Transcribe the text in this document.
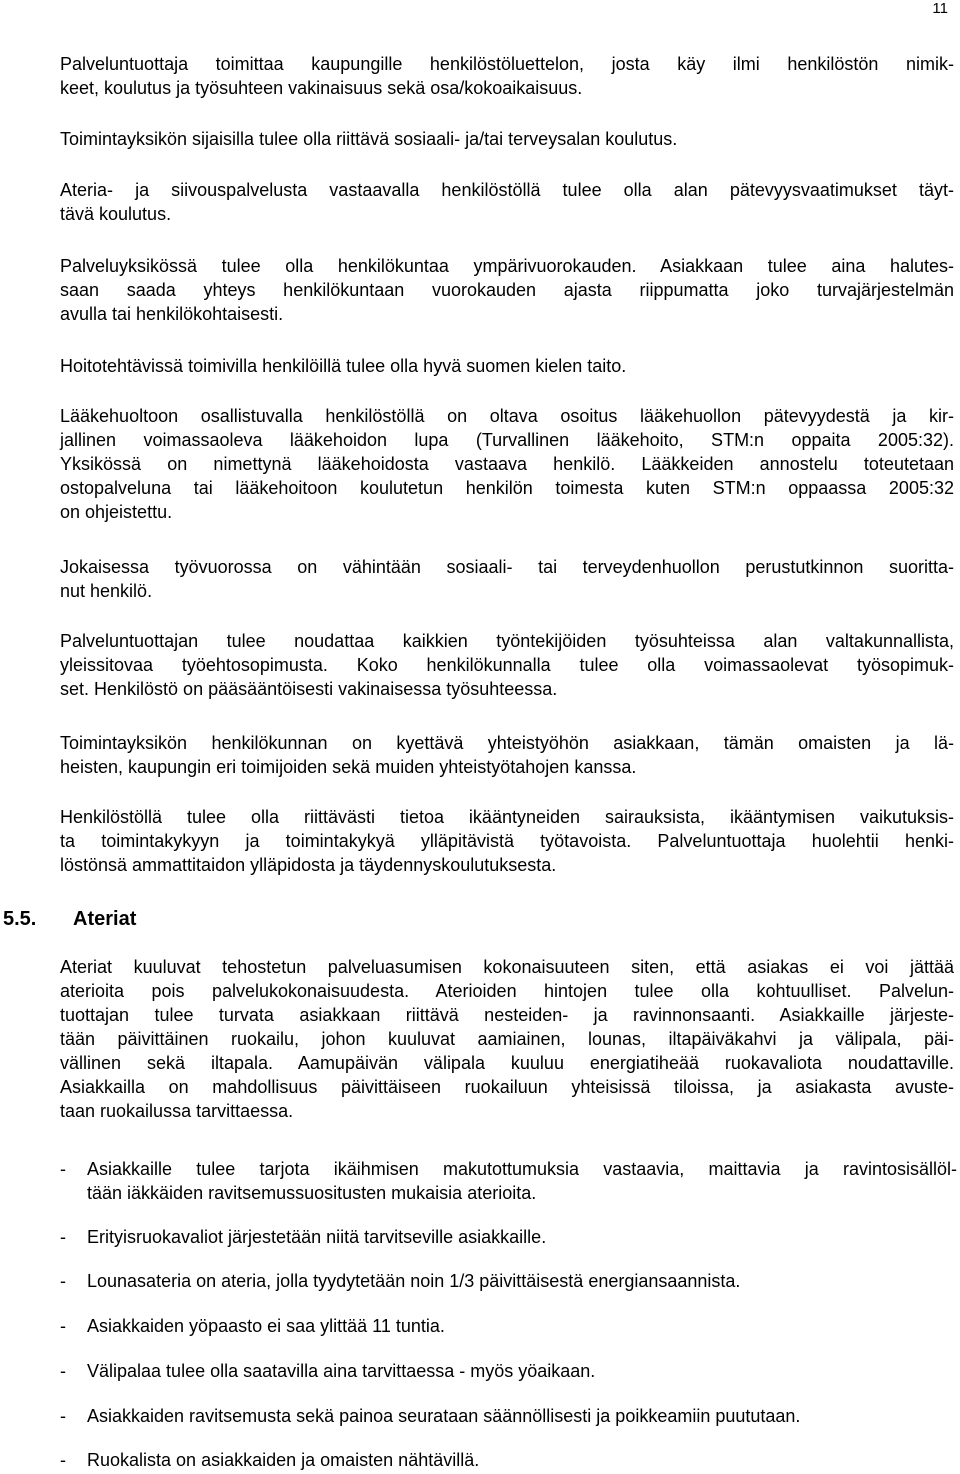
11
Palveluntuottaja toimittaa kaupungille henkilöstöluettelon, josta käy ilmi henkilöstön nimik-
keet, koulutus ja työsuhteen vakinaisuus sekä osa/kokoaikaisuus.
Toimintayksikön sijaisilla tulee olla riittävä sosiaali- ja/tai terveysalan koulutus.
Ateria- ja siivouspalvelusta vastaavalla henkilöstöllä tulee olla alan pätevyysvaatimukset täyt-
tävä koulutus.
Palveluyksikössä tulee olla henkilökuntaa ympärivuorokauden. Asiakkaan tulee aina halutes-
saan saada yhteys henkilökuntaan vuorokauden ajasta riippumatta joko turvajärjestelmän
avulla tai henkilökohtaisesti.
Hoitotehtävissä toimivilla henkilöillä tulee olla hyvä suomen kielen taito.
Lääkehuoltoon osallistuvalla henkilöstöllä on oltava osoitus lääkehuollon pätevyydestä ja kir-
jallinen voimassaoleva lääkehoidon lupa (Turvallinen lääkehoito, STM:n oppaita 2005:32).
Yksikössä on nimettynä lääkehoidosta vastaava henkilö. Lääkkeiden annostelu toteutetaan
ostopalveluna tai lääkehoitoon koulutetun henkilön toimesta kuten STM:n oppaassa 2005:32
on ohjeistettu.
Jokaisessa työvuorossa on vähintään sosiaali- tai terveydenhuollon perustutkinnon suoritta-
nut henkilö.
Palveluntuottajan tulee noudattaa kaikkien työntekijöiden työsuhteissa alan valtakunnallista,
yleissitovaa työehtosopimusta. Koko henkilökunnalla tulee olla voimassaolevat työsopimuk-
set. Henkilöstö on pääsääntöisesti vakinaisessa työsuhteessa.
Toimintayksikön henkilökunnan on kyettävä yhteistyöhön asiakkaan, tämän omaisten ja lä-
heisten, kaupungin eri toimijoiden sekä muiden yhteistyötahojen kanssa.
Henkilöstöllä tulee olla riittävästi tietoa ikääntyneiden sairauksista, ikääntymisen vaikutuksis-
ta toimintakykyyn ja toimintakykyä ylläpitävistä työtavoista. Palveluntuottaja huolehtii henki-
löstönsä ammattitaidon ylläpidosta ja täydennyskoulutuksesta.
5.5. Ateriat
Ateriat kuuluvat tehostetun palveluasumisen kokonaisuuteen siten, että asiakas ei voi jättää
aterioita pois palvelukokonaisuudesta. Aterioiden hintojen tulee olla kohtuulliset. Palvelun-
tuottajan tulee turvata asiakkaan riittävä nesteiden- ja ravinnonsaanti. Asiakkaille järjeste-
tään päivittäinen ruokailu, johon kuuluvat aamiainen, lounas, iltapäiväkahvi ja välipala, päi-
vällinen sekä iltapala. Aamupäivän välipala kuuluu energiatiheää ruokavaliota noudattaville.
Asiakkailla on mahdollisuus päivittäiseen ruokailuun yhteisissä tiloissa, ja asiakasta avuste-
taan ruokailussa tarvittaessa.
- Asiakkaille tulee tarjota ikäihmisen makutottumuksia vastaavia, maittavia ja ravintosisällöl-
tään iäkkäiden ravitsemussuositusten mukaisia aterioita.
- Erityisruokavaliot järjestetään niitä tarvitseville asiakkaille.
- Lounasateria on ateria, jolla tyydytetään noin 1/3 päivittäisestä energiansaannista.
- Asiakkaiden yöpaasto ei saa ylittää 11 tuntia.
- Välipalaa tulee olla saatavilla aina tarvittaessa - myös yöaikaan.
- Asiakkaiden ravitsemusta sekä painoa seurataan säännöllisesti ja poikkeamiin puututaan.
- Ruokalista on asiakkaiden ja omaisten nähtävillä.
